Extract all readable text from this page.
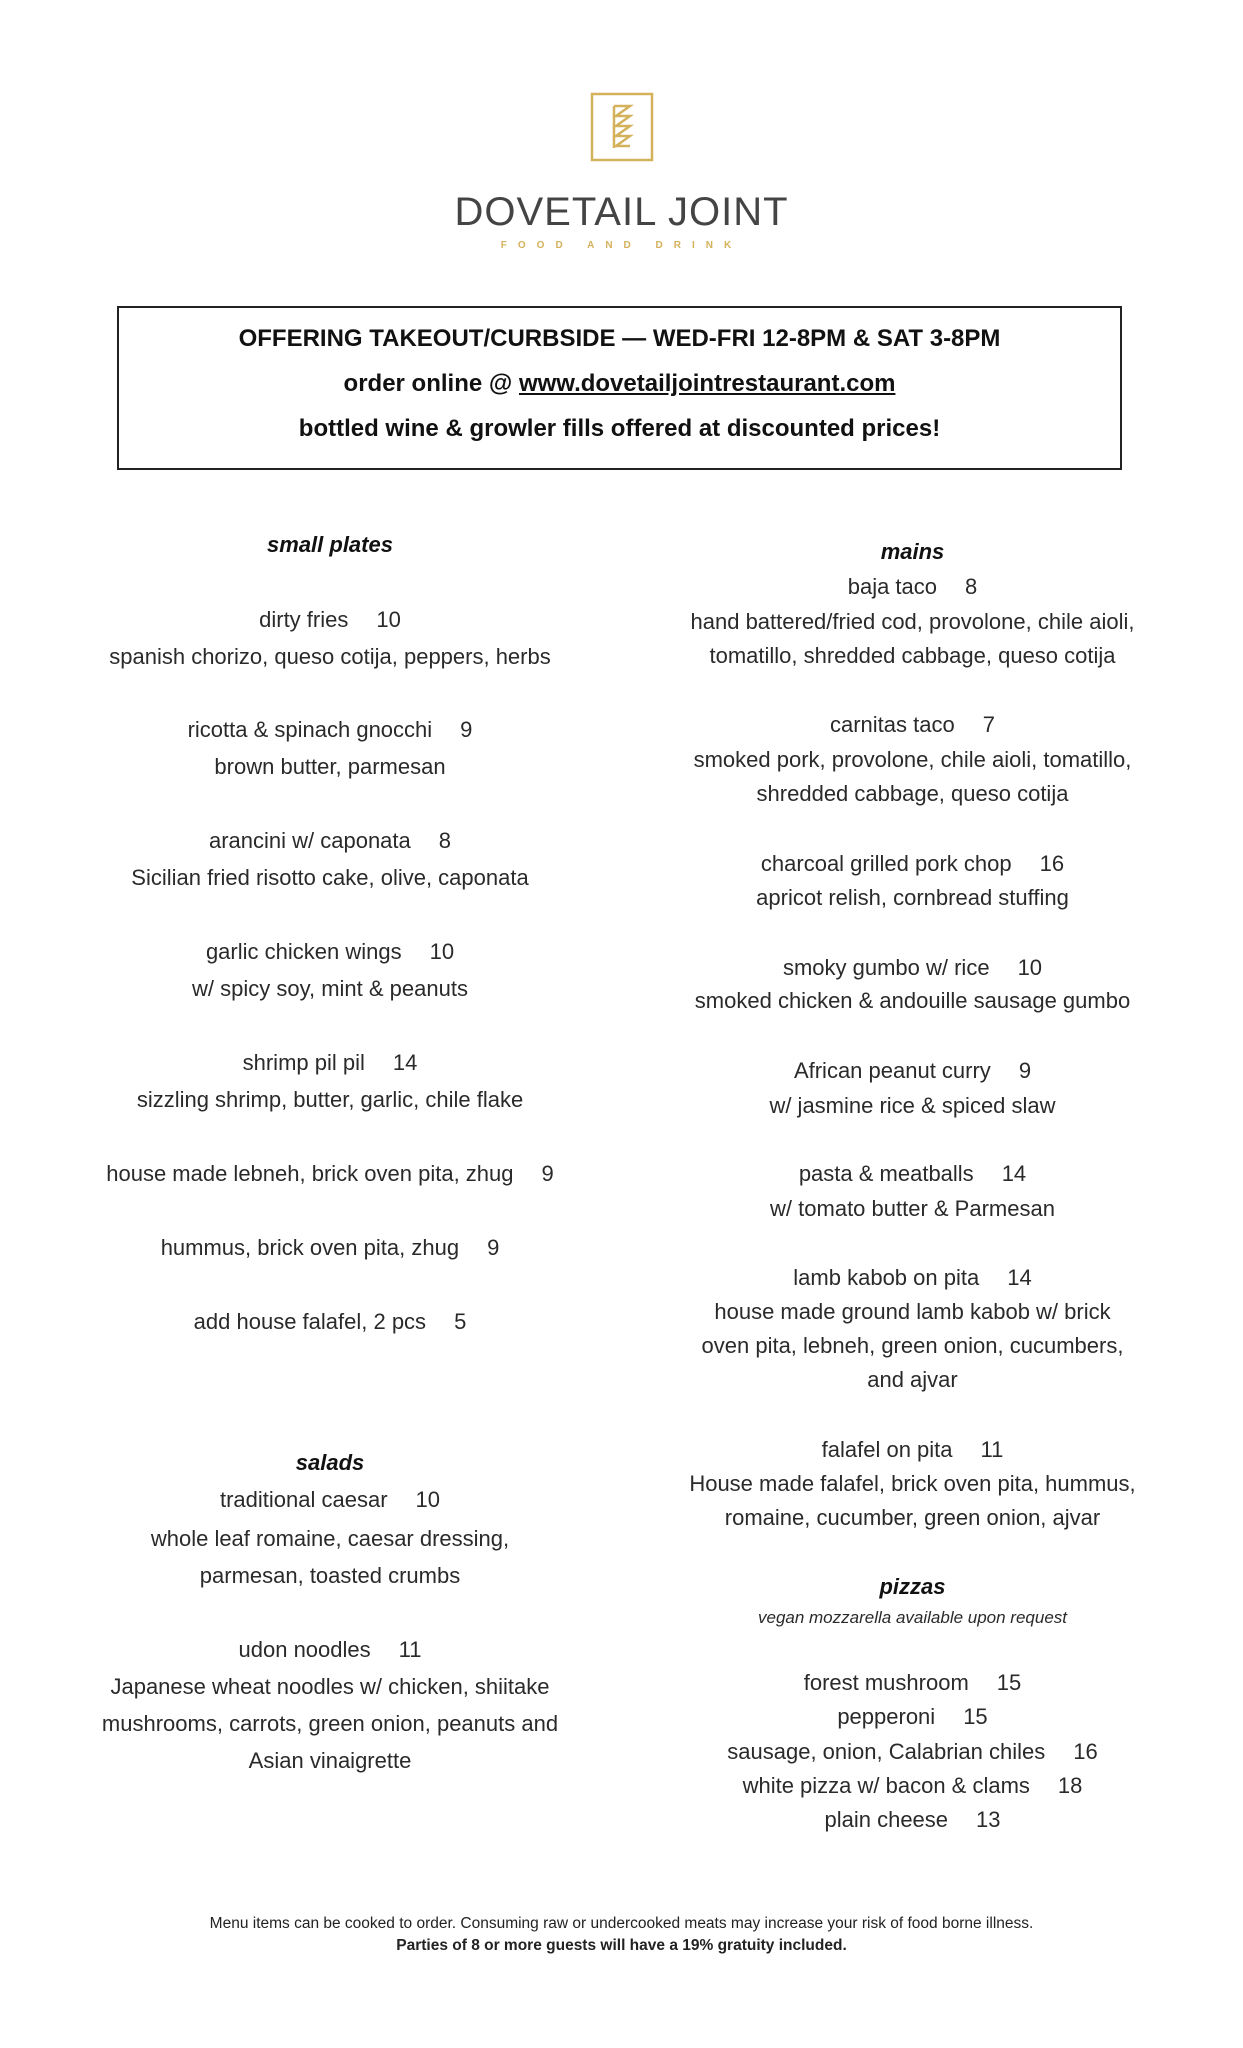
DOVETAIL JOINT
FOOD AND DRINK

OFFERING TAKEOUT/CURBSIDE — WED-FRI 12-8PM & SAT 3-8PM

order online @ www.dovetailjointrestaurant.com

bottled wine & growler fills offered at discounted prices!

small plates
dirty fries 10
spanish chorizo, queso cotija, peppers, herbs
ricotta & spinach gnocchi 9
brown butter, parmesan
arancini w/ caponata 8
Sicilian fried risotto cake, olive, caponata
garlic chicken wings 10
w/ spicy soy, mint & peanuts
shrimp pil pil 14
sizzling shrimp, butter, garlic, chile flake
house made lebneh, brick oven pita, zhug 9
hummus, brick oven pita, zhug 9
add house falafel, 2 pcs 5
salads
traditional caesar 10
whole leaf romaine, caesar dressing,
parmesan, toasted crumbs
udon noodles 11
Japanese wheat noodles w/ chicken, shiitake
mushrooms, carrots, green onion, peanuts and
Asian vinaigrette
mains
baja taco 8
hand battered/fried cod, provolone, chile aioli,
tomatillo, shredded cabbage, queso cotija
carnitas taco 7
smoked pork, provolone, chile aioli, tomatillo,
shredded cabbage, queso cotija
charcoal grilled pork chop 16
apricot relish, cornbread stuffing
smoky gumbo w/ rice 10
smoked chicken & andouille sausage gumbo
African peanut curry 9
w/ jasmine rice & spiced slaw
pasta & meatballs 14
w/ tomato butter & Parmesan
lamb kabob on pita 14
house made ground lamb kabob w/ brick
oven pita, lebneh, green onion, cucumbers,
and ajvar
falafel on pita 11
House made falafel, brick oven pita, hummus,
romaine, cucumber, green onion, ajvar
pizzas
vegan mozzarella available upon request
forest mushroom 15
pepperoni 15
sausage, onion, Calabrian chiles 16
white pizza w/ bacon & clams 18
plain cheese 13
Menu items can be cooked to order. Consuming raw or undercooked meats may increase your risk of food borne illness.
Parties of 8 or more guests will have a 19% gratuity included.
